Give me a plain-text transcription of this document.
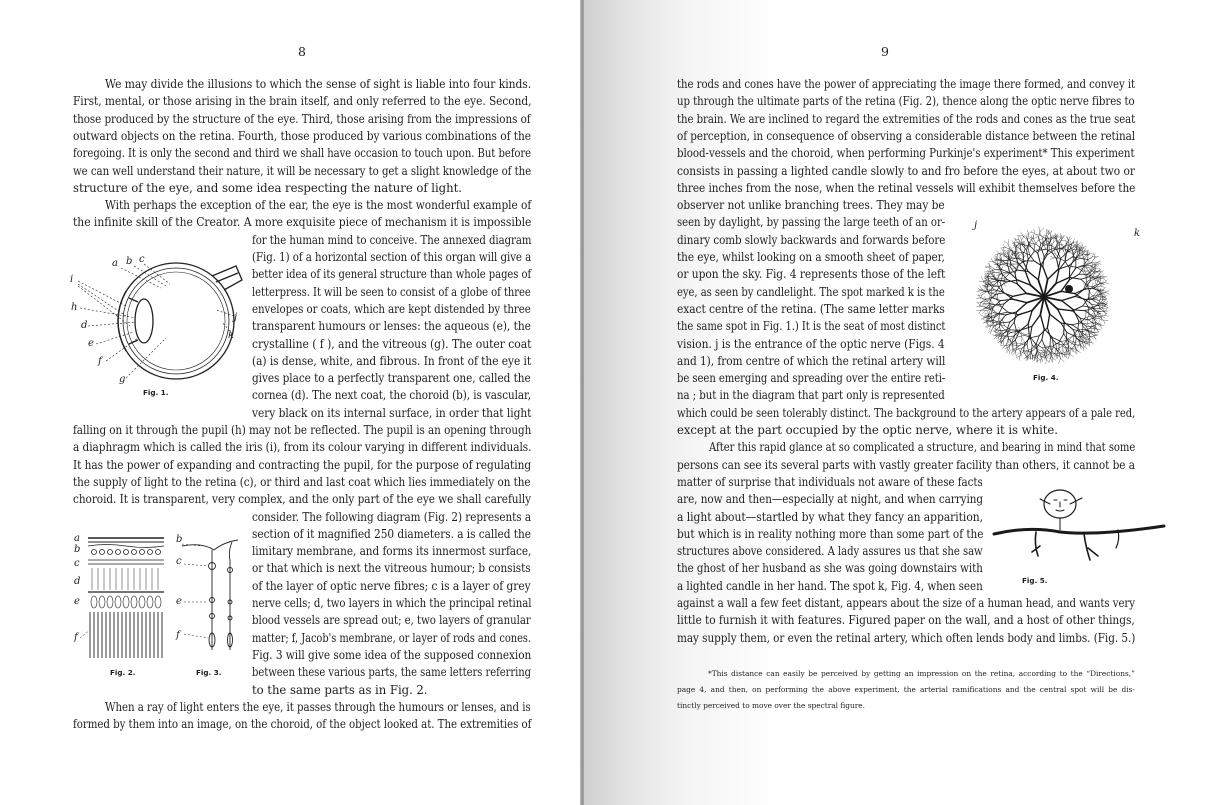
8
We may divide the illusions to which the sense of sight is liable into four kinds.
First, mental, or those arising in the brain itself, and only referred to the eye. Second,
those produced by the structure of the eye. Third, those arising from the impressions of
outward objects on the retina. Fourth, those produced by various combinations of the
foregoing. It is only the second and third we shall have occasion to touch upon. But before
we can well understand their nature, it will be necessary to get a slight knowledge of the
structure of the eye, and some idea respecting the nature of light.
With perhaps the exception of the ear, the eye is the most wonderful example of
the infinite skill of the Creator. A more exquisite piece of mechanism it is impossible
for the human mind to conceive. The annexed diagram
(Fig. 1) of a horizontal section of this organ will give a
better idea of its general structure than whole pages of
letterpress. It will be seen to consist of a globe of three
envelopes or coats, which are kept distended by three
transparent humours or lenses: the aqueous (e), the
crystalline ( f ), and the vitreous (g). The outer coat
(a) is dense, white, and fibrous. In front of the eye it
gives place to a perfectly transparent one, called the
cornea (d). The next coat, the choroid (b), is vascular,
very black on its internal surface, in order that light
falling on it through the pupil (h) may not be reflected. The pupil is an opening through
a diaphragm which is called the iris (i), from its colour varying in different individuals.
It has the power of expanding and contracting the pupil, for the purpose of regulating
the supply of light to the retina (c), or third and last coat which lies immediately on the
choroid. It is transparent, very complex, and the only part of the eye we shall carefully
consider. The following diagram (Fig. 2) represents a
section of it magnified 250 diameters. a is called the
limitary membrane, and forms its innermost surface,
or that which is next the vitreous humour; b consists
of the layer of optic nerve fibres; c is a layer of grey
nerve cells; d, two layers in which the principal retinal
blood vessels are spread out; e, two layers of granular
matter; f, Jacob's membrane, or layer of rods and cones.
Fig. 3 will give some idea of the supposed connexion
between these various parts, the same letters referring
to the same parts as in Fig. 2.
When a ray of light enters the eye, it passes through the humours or lenses, and is
formed by them into an image, on the choroid, of the object looked at. The extremities of
a b c
i
h
d
e
f
g
j
k
Fig. 1.
a
b
c
d
e
f
Fig. 2.
b
c
e
f
Fig. 3.
9
the rods and cones have the power of appreciating the image there formed, and convey it
up through the ultimate parts of the retina (Fig. 2), thence along the optic nerve fibres to
the brain. We are inclined to regard the extremities of the rods and cones as the true seat
of perception, in consequence of observing a considerable distance between the retinal
blood-vessels and the choroid, when performing Purkinje's experiment* This experiment
consists in passing a lighted candle slowly to and fro before the eyes, at about two or
three inches from the nose, when the retinal vessels will exhibit themselves before the
observer not unlike branching trees. They may be
seen by daylight, by passing the large teeth of an or-
dinary comb slowly backwards and forwards before
the eye, whilst looking on a smooth sheet of paper,
or upon the sky. Fig. 4 represents those of the left
eye, as seen by candlelight. The spot marked k is the
exact centre of the retina. (The same letter marks
the same spot in Fig. 1.) It is the seat of most distinct
vision. j is the entrance of the optic nerve (Figs. 4
and 1), from centre of which the retinal artery will
be seen emerging and spreading over the entire reti-
na ; but in the diagram that part only is represented
which could be seen tolerably distinct. The background to the artery appears of a pale red,
except at the part occupied by the optic nerve, where it is white.
After this rapid glance at so complicated a structure, and bearing in mind that some
persons can see its several parts with vastly greater facility than others, it cannot be a
matter of surprise that individuals not aware of these facts
are, now and then—especially at night, and when carrying
a light about—startled by what they fancy an apparition,
but which is in reality nothing more than some part of the
structures above considered. A lady assures us that she saw
the ghost of her husband as she was going downstairs with
a lighted candle in her hand. The spot k, Fig. 4, when seen
against a wall a few feet distant, appears about the size of a human head, and wants very
little to furnish it with features. Figured paper on the wall, and a host of other things,
may supply them, or even the retinal artery, which often lends body and limbs. (Fig. 5.)
j
k
Fig. 4.
Fig. 5.
*This distance can easily be perceived by getting an impression on the retina, according to the “Directions,”
page 4, and then, on performing the above experiment, the arterial ramifications and the central spot will be dis-
tinctly perceived to move over the spectral figure.
